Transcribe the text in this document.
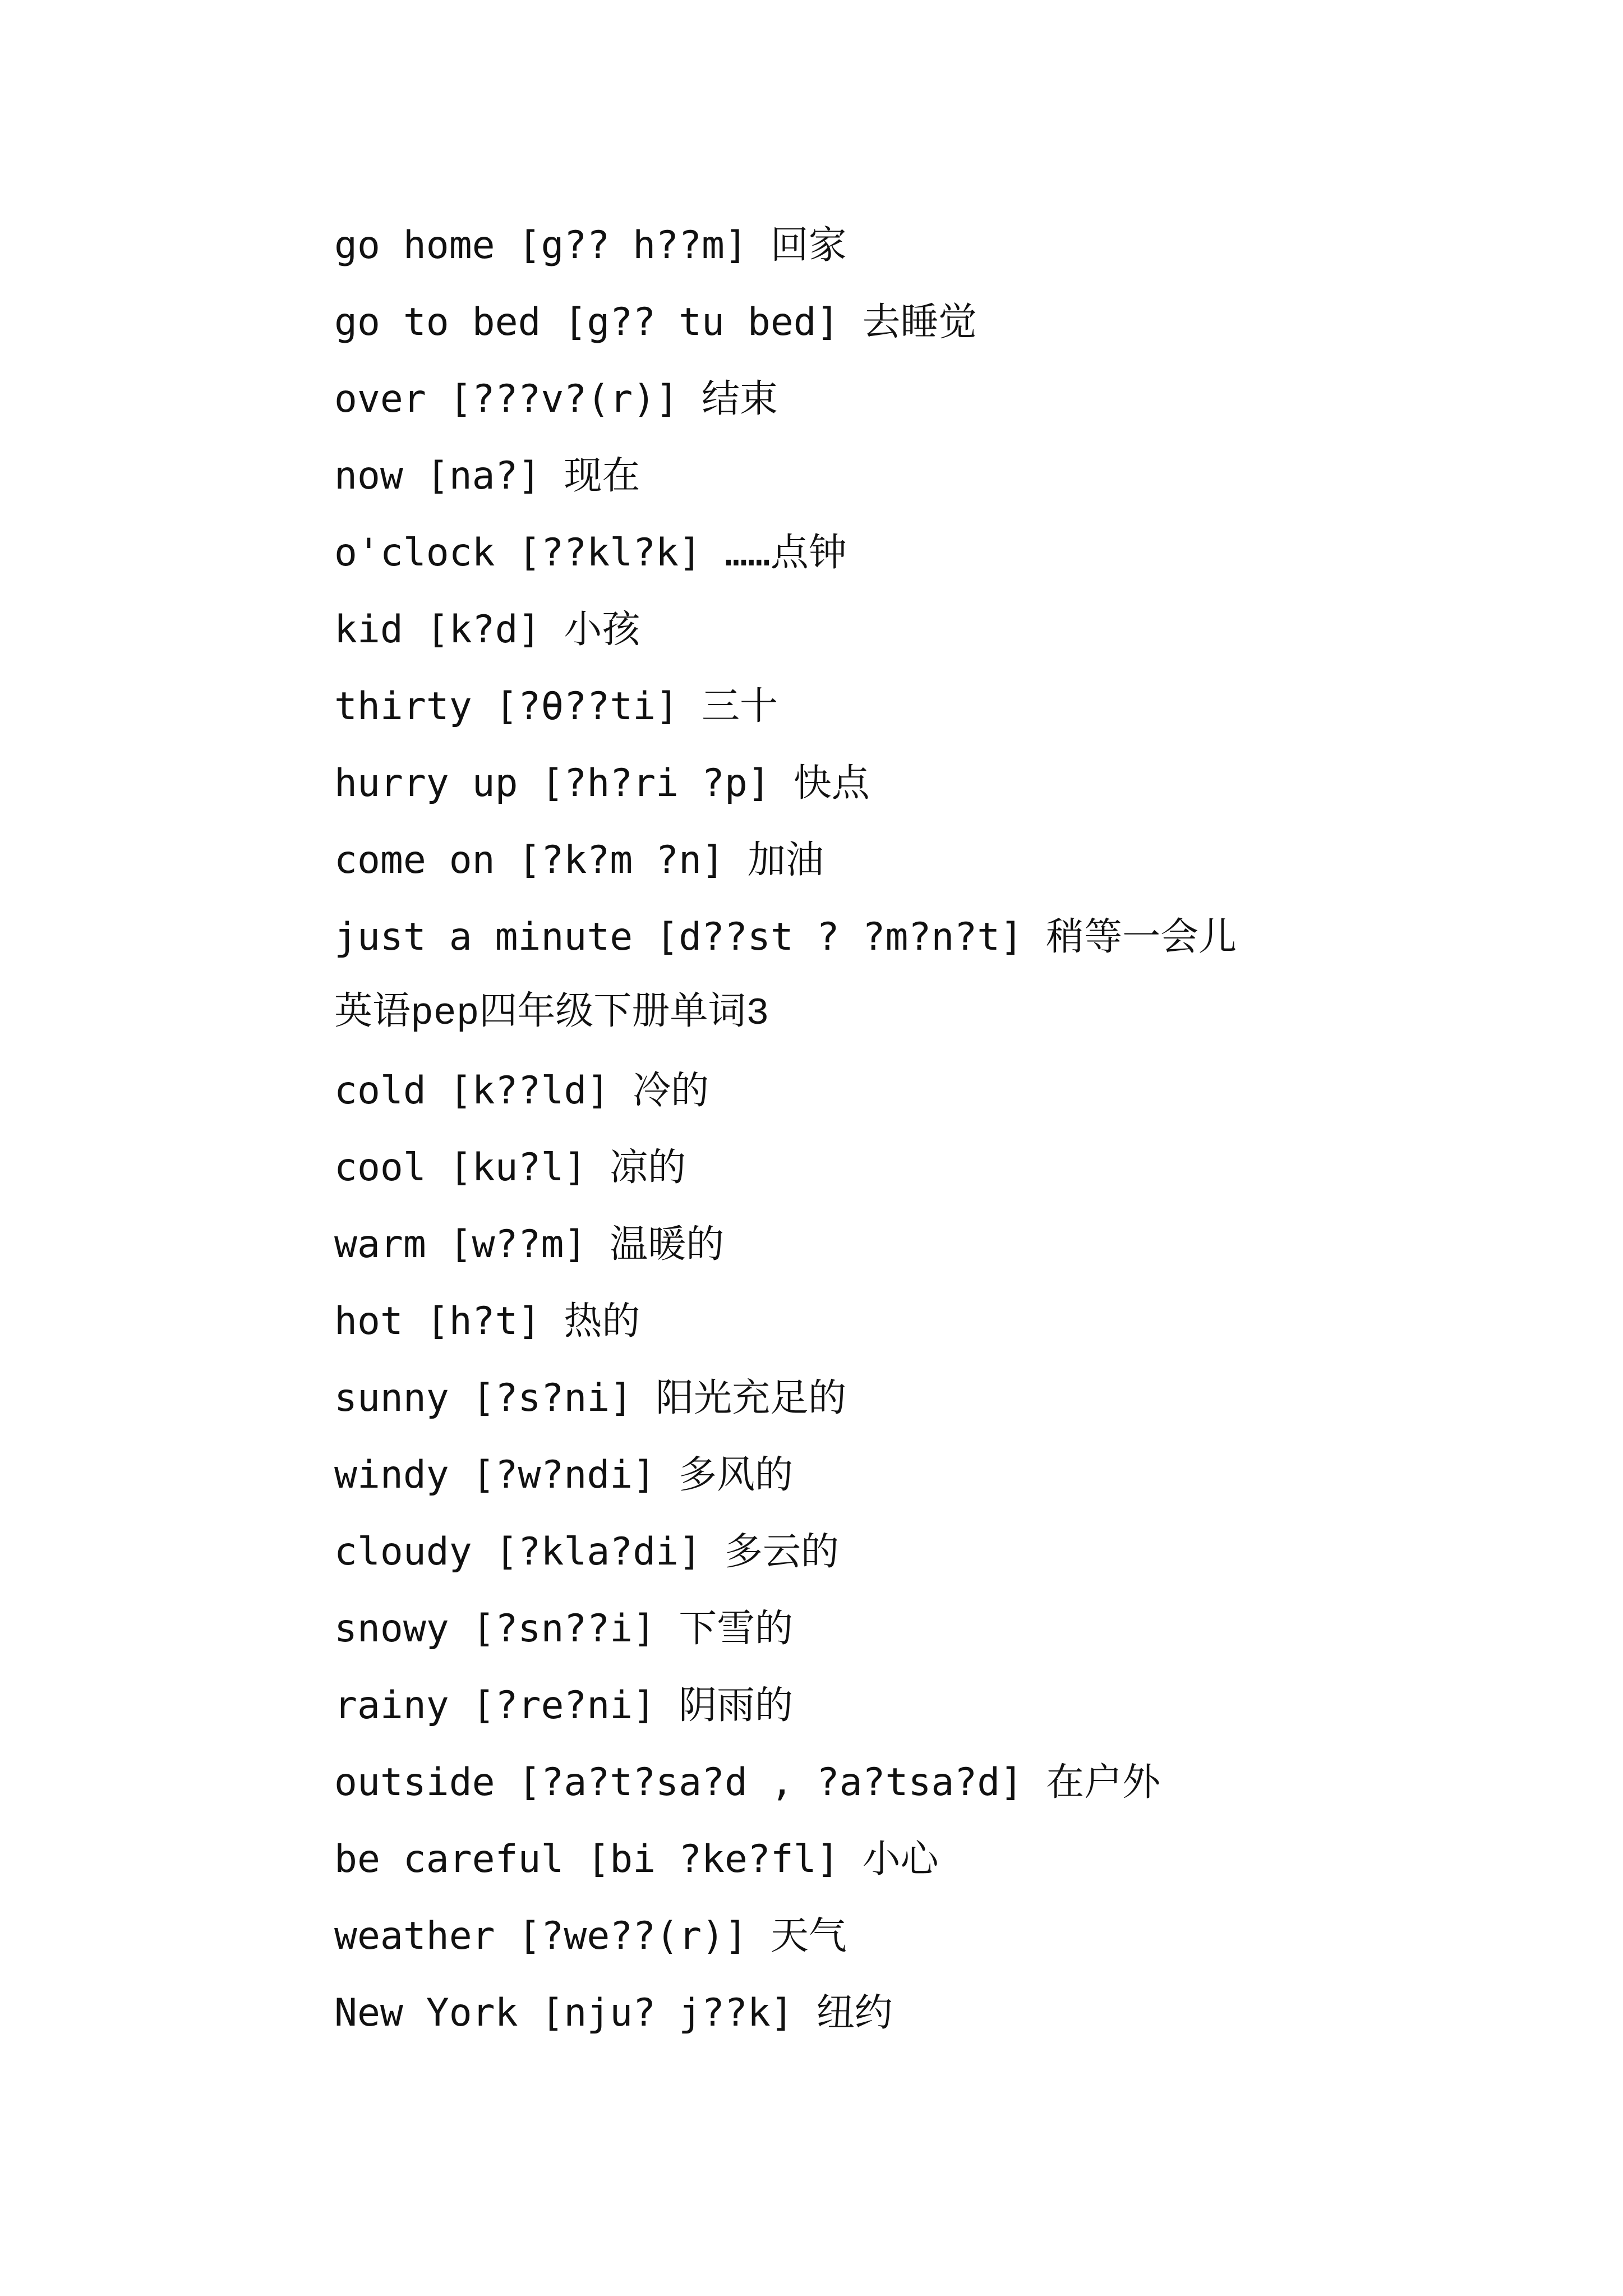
go home [g?? h??m] 回家
go to bed [g?? tu bed] 去睡觉
over [???v?(r)] 结束
now [na?] 现在
o'clock [??kl?k] ……点钟
kid [k?d] 小孩
thirty [?θ??ti] 三十
hurry up [?h?ri ?p] 快点
come on [?k?m ?n] 加油
just a minute [d??st ? ?m?n?t] 稍等一会儿
英语pep四年级下册单词3
cold [k??ld] 冷的
cool [ku?l] 凉的
warm [w??m] 温暖的
hot [h?t] 热的
sunny [?s?ni] 阳光充足的
windy [?w?ndi] 多风的
cloudy [?kla?di] 多云的
snowy [?sn??i] 下雪的
rainy [?re?ni] 阴雨的
outside [?a?t?sa?d , ?a?tsa?d] 在户外
be careful [bi ?ke?fl] 小心
weather [?we??(r)] 天气
New York [nju? j??k] 纽约
